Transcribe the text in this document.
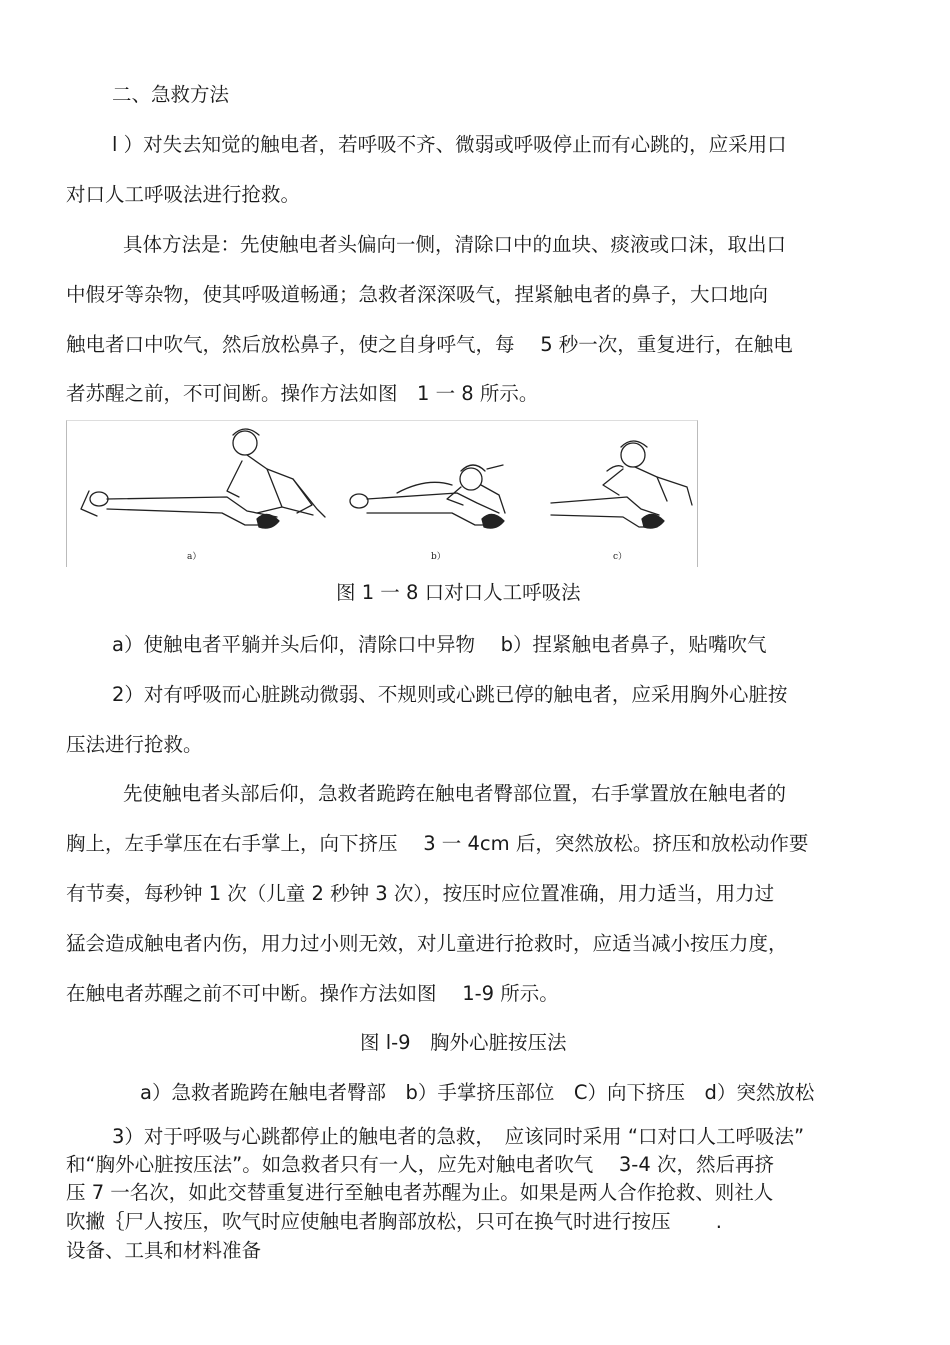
二、急救方法
l ）对失去知觉的触电者，若呼吸不齐、微弱或呼吸停止而有心跳的，应采用口
对口人工呼吸法进行抢救。
具体方法是：先使触电者头偏向一侧，清除口中的血块、痰液或口沫，取出口
中假牙等杂物，使其呼吸道畅通；急救者深深吸气，捏紧触电者的鼻子，大口地向
触电者口中吹气，然后放松鼻子，使之自身呼气，每　 5 秒一次，重复进行，在触电
者苏醒之前，不可间断。操作方法如图　1 一 8 所示。
a）	b）	c）
图 1 一 8 口对口人工呼吸法
a）使触电者平躺并头后仰，清除口中异物　 b）捏紧触电者鼻子，贴嘴吹气
2）对有呼吸而心脏跳动微弱、不规则或心跳已停的触电者，应采用胸外心脏按
压法进行抢救。
先使触电者头部后仰，急救者跪跨在触电者臀部位置，右手掌置放在触电者的
胸上，左手掌压在右手掌上，向下挤压　 3 一 4cm 后，突然放松。挤压和放松动作要
有节奏，每秒钟 1 次（儿童 2 秒钟 3 次），按压时应位置准确，用力适当，用力过
猛会造成触电者内伤，用力过小则无效，对儿童进行抢救时，应适当减小按压力度，
在触电者苏醒之前不可中断。操作方法如图　 1-9 所示。
图 l-9　胸外心脏按压法
a）急救者跪跨在触电者臀部　b）手掌挤压部位　C）向下挤压　d）突然放松
3）对于呼吸与心跳都停止的触电者的急救，　应该同时采用 “口对口人工呼吸法”
和“胸外心脏按压法”。如急救者只有一人，应先对触电者吹气　 3-4 次，然后再挤
压 7 一名次，如此交替重复进行至触电者苏醒为止。如果是两人合作抢救、则社人
吹撇｛尸人按压，吹气时应使触电者胸部放松，只可在换气时进行按压　　 .
设备、工具和材料准备
